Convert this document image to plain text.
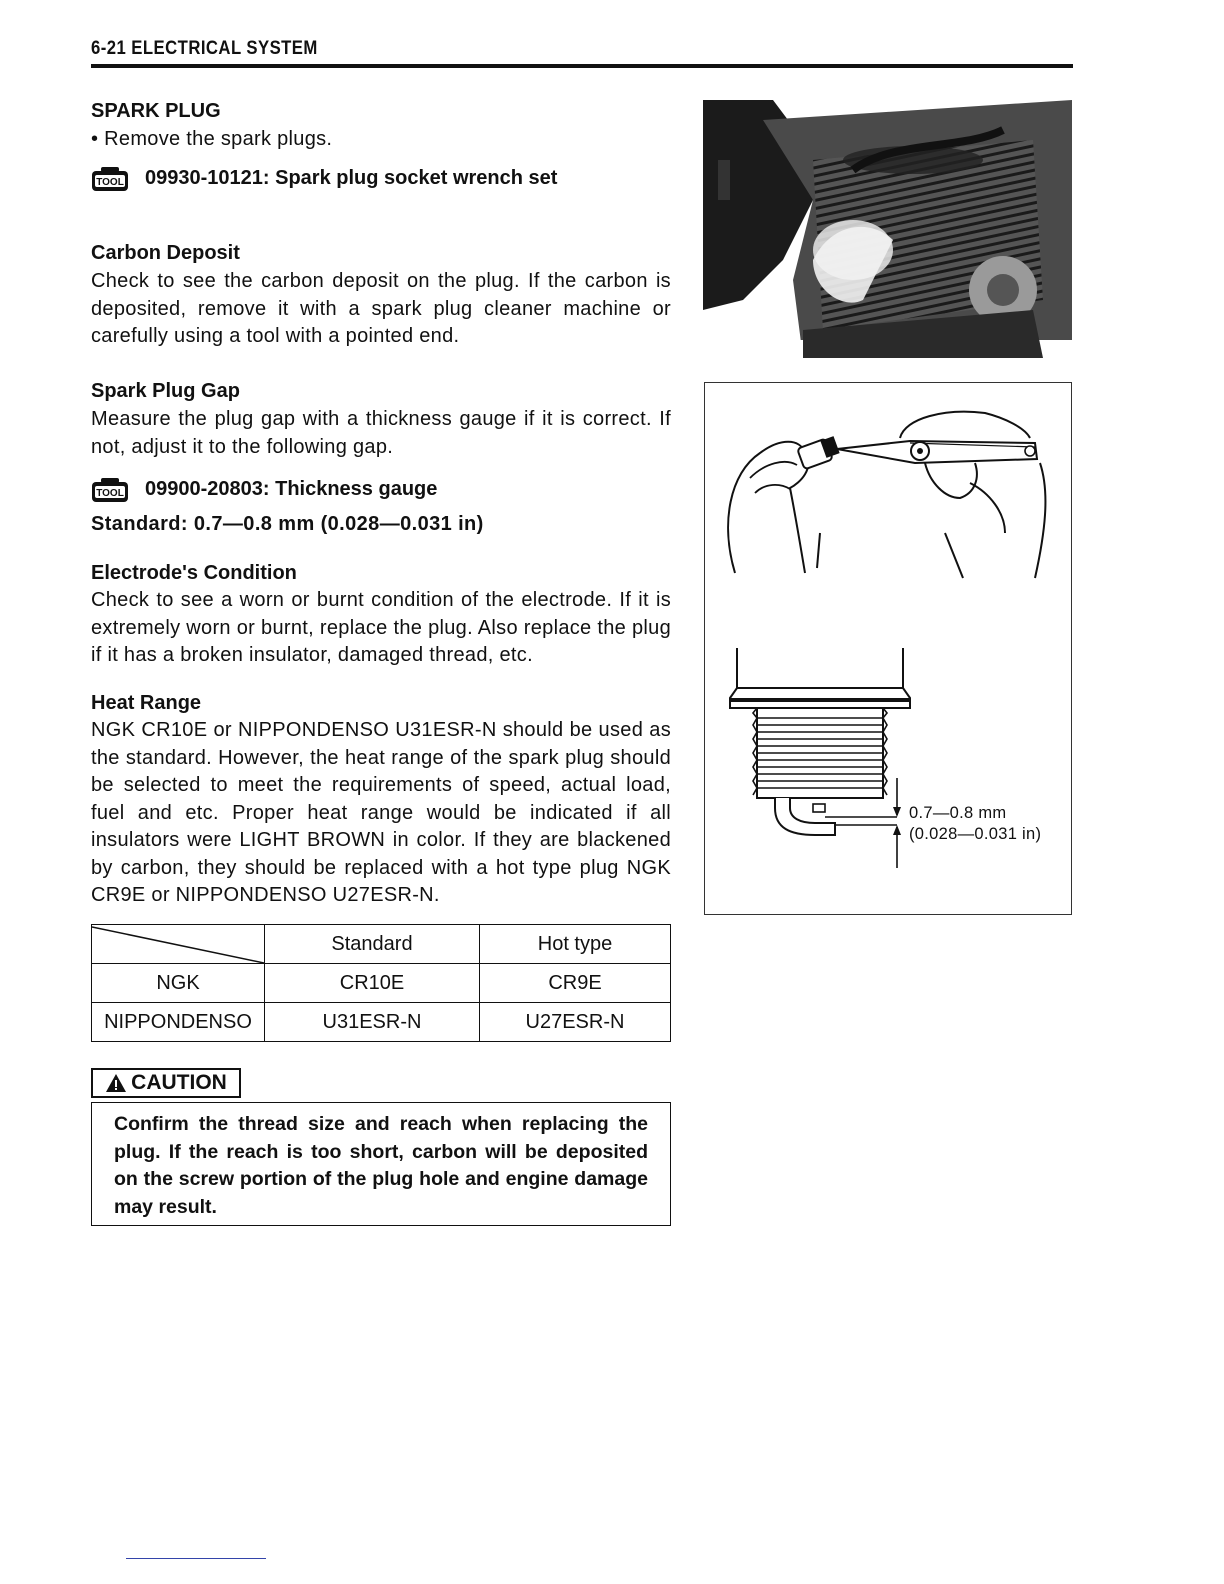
6-21 ELECTRICAL SYSTEM
SPARK PLUG
• Remove the spark plugs.
TOOL 09930-10121: Spark plug socket wrench set
Carbon Deposit
Check to see the carbon deposit on the plug. If the carbon is deposited, remove it with a spark plug cleaner machine or carefully using a tool with a pointed end.
Spark Plug Gap
Measure the plug gap with a thickness gauge if it is correct. If not, adjust it to the following gap.
TOOL 09900-20803: Thickness gauge
Standard: 0.7—0.8 mm (0.028—0.031 in)
Electrode's Condition
Check to see a worn or burnt condition of the electrode. If it is extremely worn or burnt, replace the plug. Also replace the plug if it has a broken insulator, damaged thread, etc.
Heat Range
NGK CR10E or NIPPONDENSO U31ESR-N should be used as the standard. However, the heat range of the spark plug should be selected to meet the requirements of speed, actual load, fuel and etc. Proper heat range would be indicated if all insulators were LIGHT BROWN in color. If they are blackened by carbon, they should be replaced with a hot type plug NGK CR9E or NIPPONDENSO U27ESR-N.
	Standard	Hot type
NGK	CR10E	CR9E
NIPPONDENSO	U31ESR-N	U27ESR-N
CAUTION
Confirm the thread size and reach when replacing the plug. If the reach is too short, carbon will be deposited on the screw portion of the plug hole and engine damage may result.
0.7—0.8 mm
(0.028—0.031 in)
